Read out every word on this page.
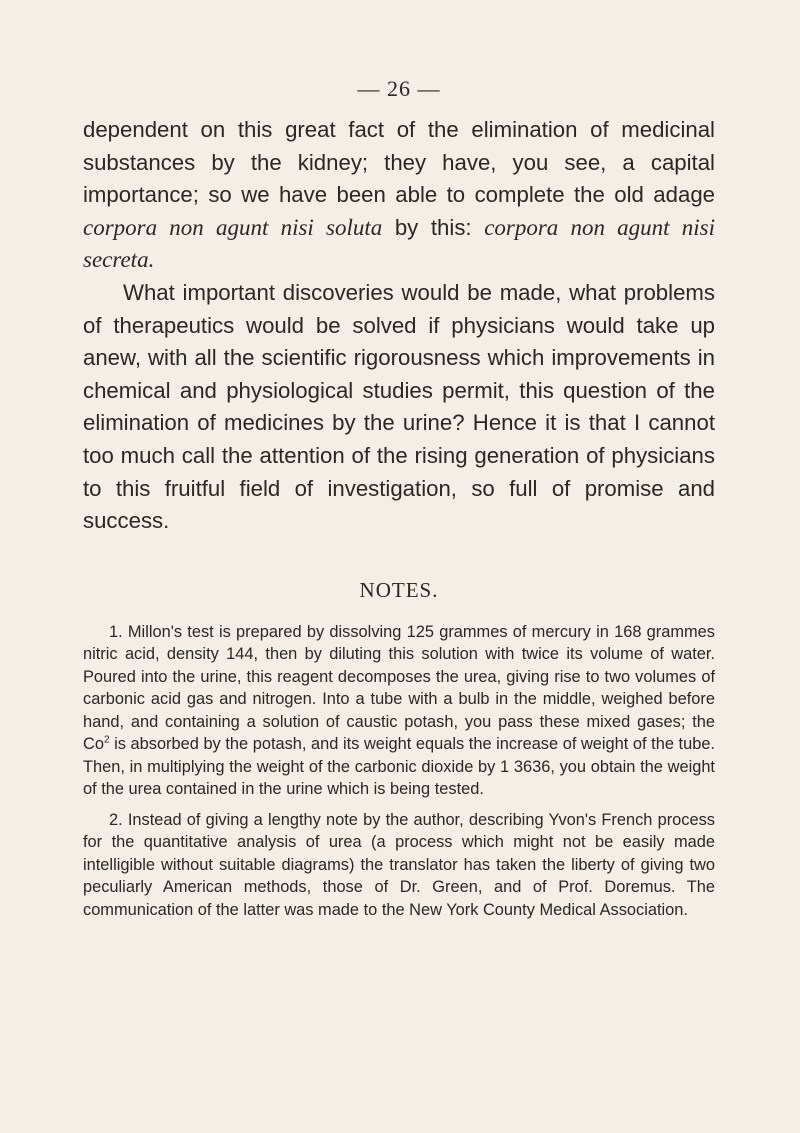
— 26 —

dependent on this great fact of the elimination of medicinal substances by the kidney; they have, you see, a capital importance; so we have been able to complete the old adage corpora non agunt nisi soluta by this: corpora non agunt nisi secreta.

What important discoveries would be made, what problems of therapeutics would be solved if physicians would take up anew, with all the scientific rigorousness which improvements in chemical and physiological studies permit, this question of the elimination of medicines by the urine? Hence it is that I cannot too much call the attention of the rising generation of physicians to this fruitful field of investigation, so full of promise and success.

NOTES.

1. Millon's test is prepared by dissolving 125 grammes of mercury in 168 grammes nitric acid, density 144, then by diluting this solution with twice its volume of water. Poured into the urine, this reagent decomposes the urea, giving rise to two volumes of carbonic acid gas and nitrogen. Into a tube with a bulb in the middle, weighed before hand, and containing a solution of caustic potash, you pass these mixed gases; the Co$^2$ is absorbed by the potash, and its weight equals the increase of weight of the tube. Then, in multiplying the weight of the carbonic dioxide by 1 3636, you obtain the weight of the urea contained in the urine which is being tested.

2. Instead of giving a lengthy note by the author, describing Yvon's French process for the quantitative analysis of urea (a process which might not be easily made intelligible without suitable diagrams) the translator has taken the liberty of giving two peculiarly American methods, those of Dr. Green, and of Prof. Doremus. The communication of the latter was made to the New York County Medical Association.
